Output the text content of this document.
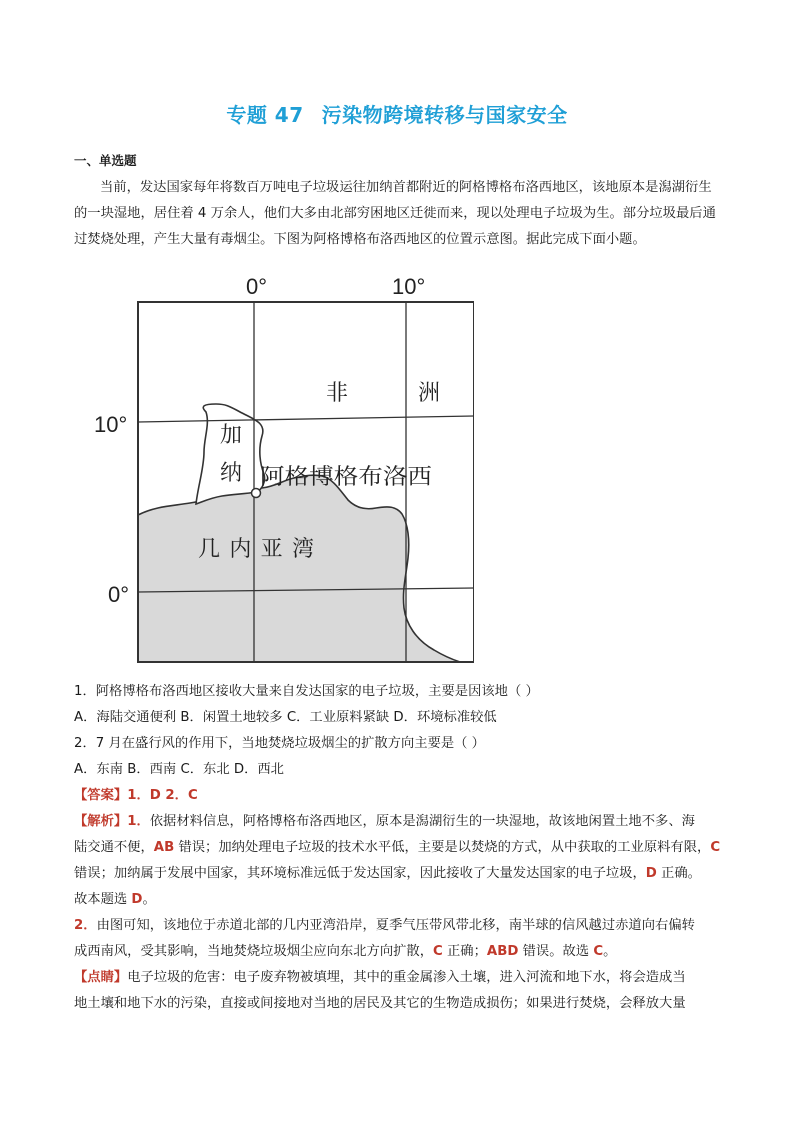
专题 47 污染物跨境转移与国家安全
一、单选题
当前，发达国家每年将数百万吨电子垃圾运往加纳首都附近的阿格博格布洛西地区，该地原本是潟湖衍生的一块湿地，居住着 4 万余人，他们大多由北部穷困地区迁徙而来，现以处理电子垃圾为生。部分垃圾最后通过焚烧处理，产生大量有毒烟尘。下图为阿格博格布洛西地区的位置示意图。据此完成下面小题。
0°	10°
10°
0°
非	洲
加
纳 阿格博格布洛西
几内亚湾
1．阿格博格布洛西地区接收大量来自发达国家的电子垃圾，主要是因该地（ ）
A．海陆交通便利 B．闲置土地较多 C．工业原料紧缺 D．环境标准较低
2．7 月在盛行风的作用下，当地焚烧垃圾烟尘的扩散方向主要是（ ）
A．东南 B．西南 C．东北 D．西北
【答案】1．D 2．C
【解析】1．依据材料信息，阿格博格布洛西地区，原本是潟湖衍生的一块湿地，故该地闲置土地不多、海
陆交通不便，AB 错误；加纳处理电子垃圾的技术水平低，主要是以焚烧的方式，从中获取的工业原料有限，C
错误；加纳属于发展中国家，其环境标准远低于发达国家，因此接收了大量发达国家的电子垃圾，D 正确。
故本题选 D。
2．由图可知，该地位于赤道北部的几内亚湾沿岸，夏季气压带风带北移，南半球的信风越过赤道向右偏转
成西南风，受其影响，当地焚烧垃圾烟尘应向东北方向扩散，C 正确；ABD 错误。故选 C。
【点睛】电子垃圾的危害：电子废弃物被填埋，其中的重金属渗入土壤，进入河流和地下水，将会造成当
地土壤和地下水的污染，直接或间接地对当地的居民及其它的生物造成损伤；如果进行焚烧，会释放大量
